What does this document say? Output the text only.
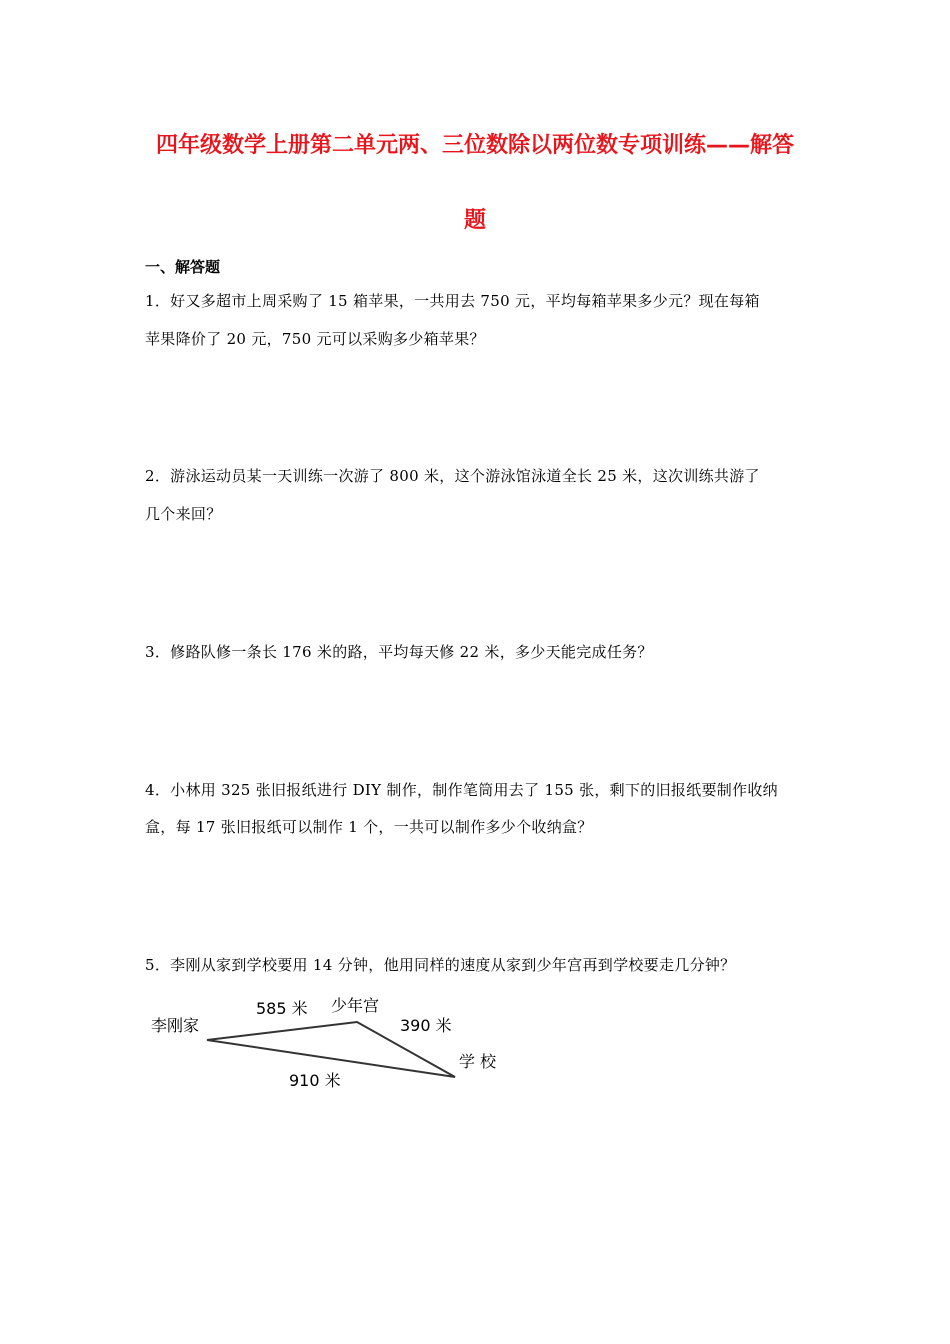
四年级数学上册第二单元两、三位数除以两位数专项训练——解答
题
一、解答题
1．好又多超市上周采购了 15 箱苹果，一共用去 750 元，平均每箱苹果多少元？现在每箱
苹果降价了 20 元，750 元可以采购多少箱苹果？
2．游泳运动员某一天训练一次游了 800 米，这个游泳馆泳道全长 25 米，这次训练共游了
几个来回？
3．修路队修一条长 176 米的路，平均每天修 22 米，多少天能完成任务？
4．小林用 325 张旧报纸进行 DIY 制作，制作笔筒用去了 155 张，剩下的旧报纸要制作收纳
盒，每 17 张旧报纸可以制作 1 个，一共可以制作多少个收纳盒？
5．李刚从家到学校要用 14 分钟，他用同样的速度从家到少年宫再到学校要走几分钟？
李刚家
少年宫
学 校
585 米
390 米
910 米
